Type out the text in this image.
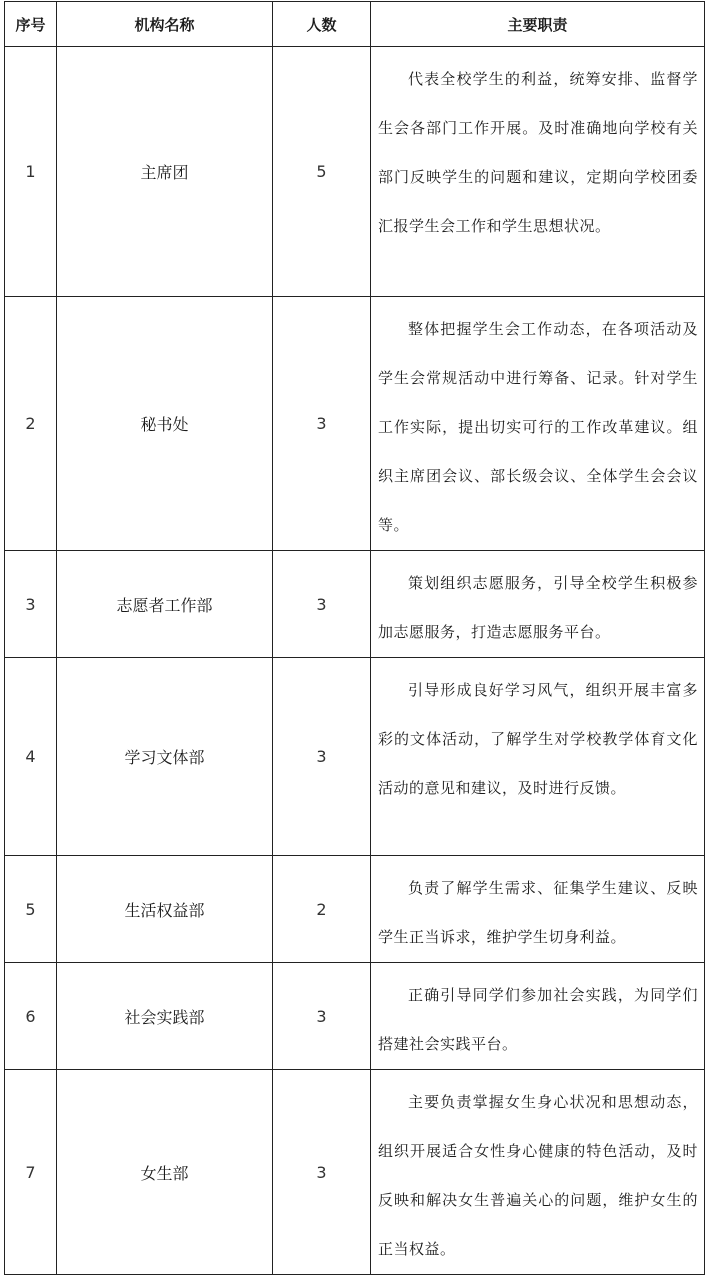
序号	机构名称	人数	主要职责
1	主席团	5	代表全校学生的利益，统筹安排、监督学生会各部门工作开展。及时准确地向学校有关部门反映学生的问题和建议，定期向学校团委汇报学生会工作和学生思想状况。
2	秘书处	3	整体把握学生会工作动态，在各项活动及学生会常规活动中进行筹备、记录。针对学生工作实际，提出切实可行的工作改革建议。组织主席团会议、部长级会议、全体学生会会议等。
3	志愿者工作部	3	策划组织志愿服务，引导全校学生积极参加志愿服务，打造志愿服务平台。
4	学习文体部	3	引导形成良好学习风气，组织开展丰富多彩的文体活动，了解学生对学校教学体育文化活动的意见和建议，及时进行反馈。
5	生活权益部	2	负责了解学生需求、征集学生建议、反映学生正当诉求，维护学生切身利益。
6	社会实践部	3	正确引导同学们参加社会实践，为同学们搭建社会实践平台。
7	女生部	3	主要负责掌握女生身心状况和思想动态，组织开展适合女性身心健康的特色活动，及时反映和解决女生普遍关心的问题，维护女生的正当权益。
